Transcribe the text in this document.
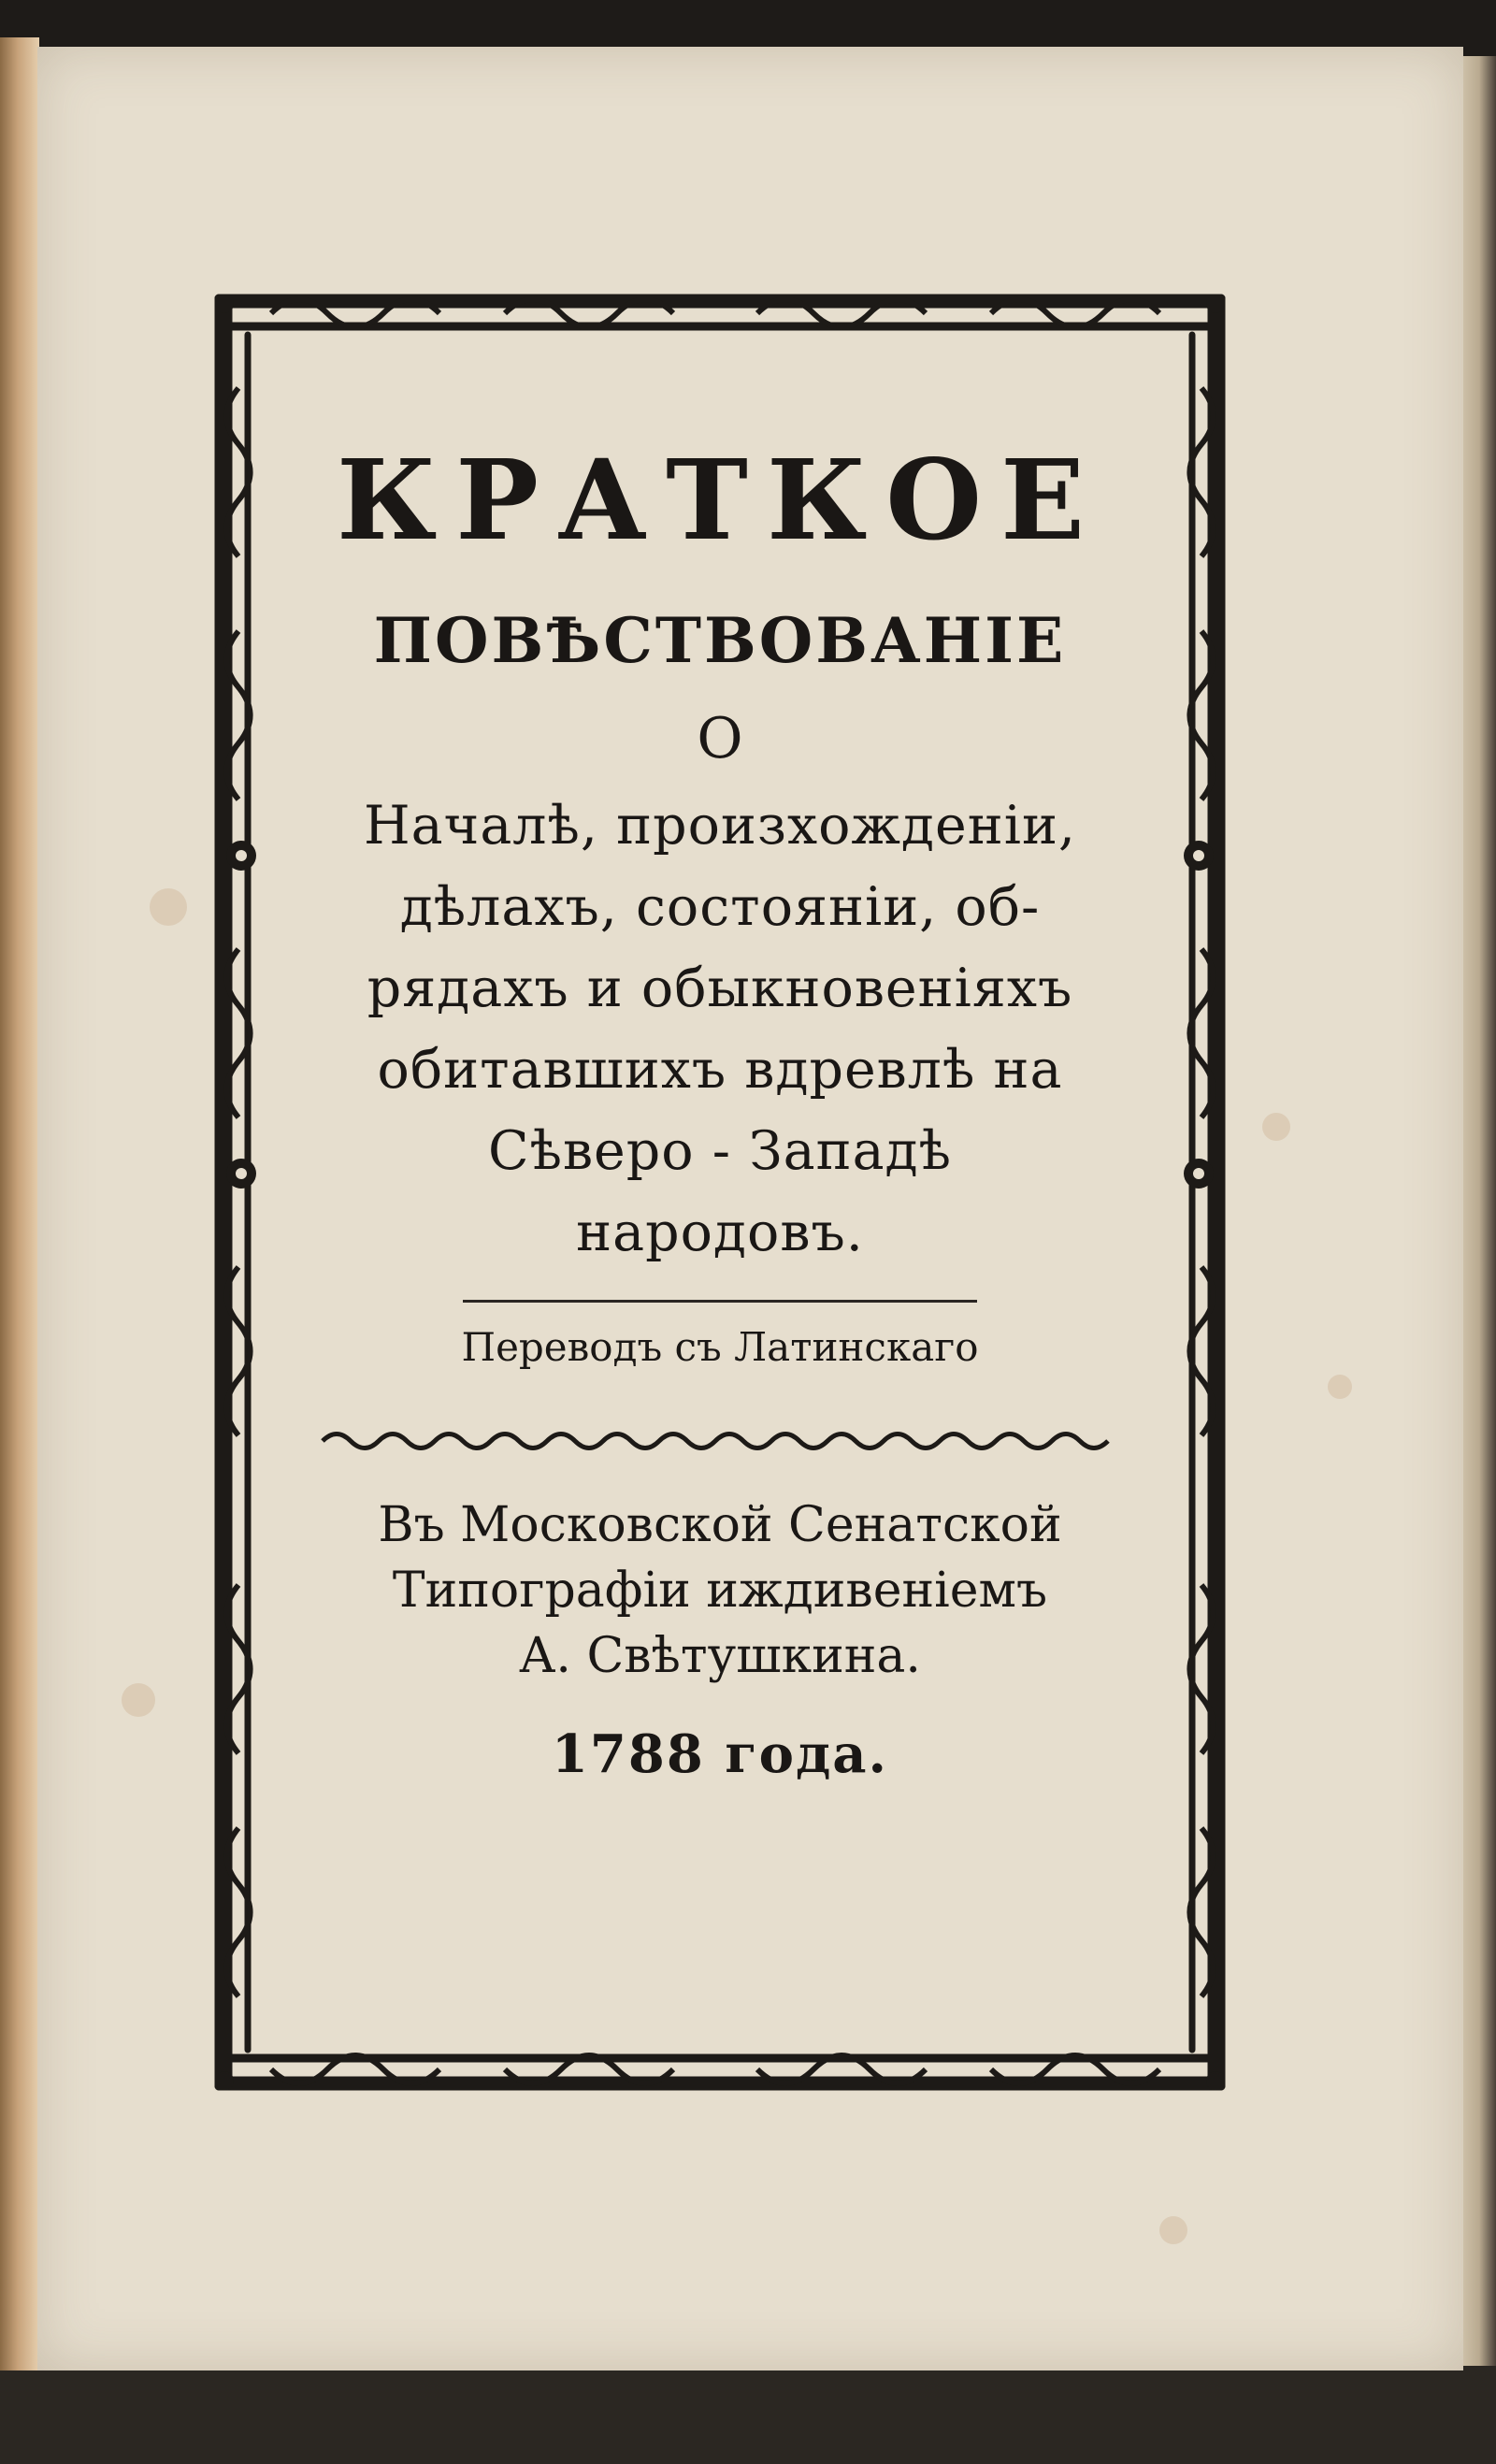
КРАТКОЕ
ПОВѢСТВОВАНІЕ
О
Началѣ, произхожденіи,
дѣлахъ, состояніи, об-
рядахъ и обыкновеніяхъ
обитавшихъ вдревлѣ на
Сѣверо - Западѣ
народовъ.
Переводъ съ Латинскаго
Въ Московской Сенатской
Типографіи иждивеніемъ
А. Свѣтушкина.
1788 года.
